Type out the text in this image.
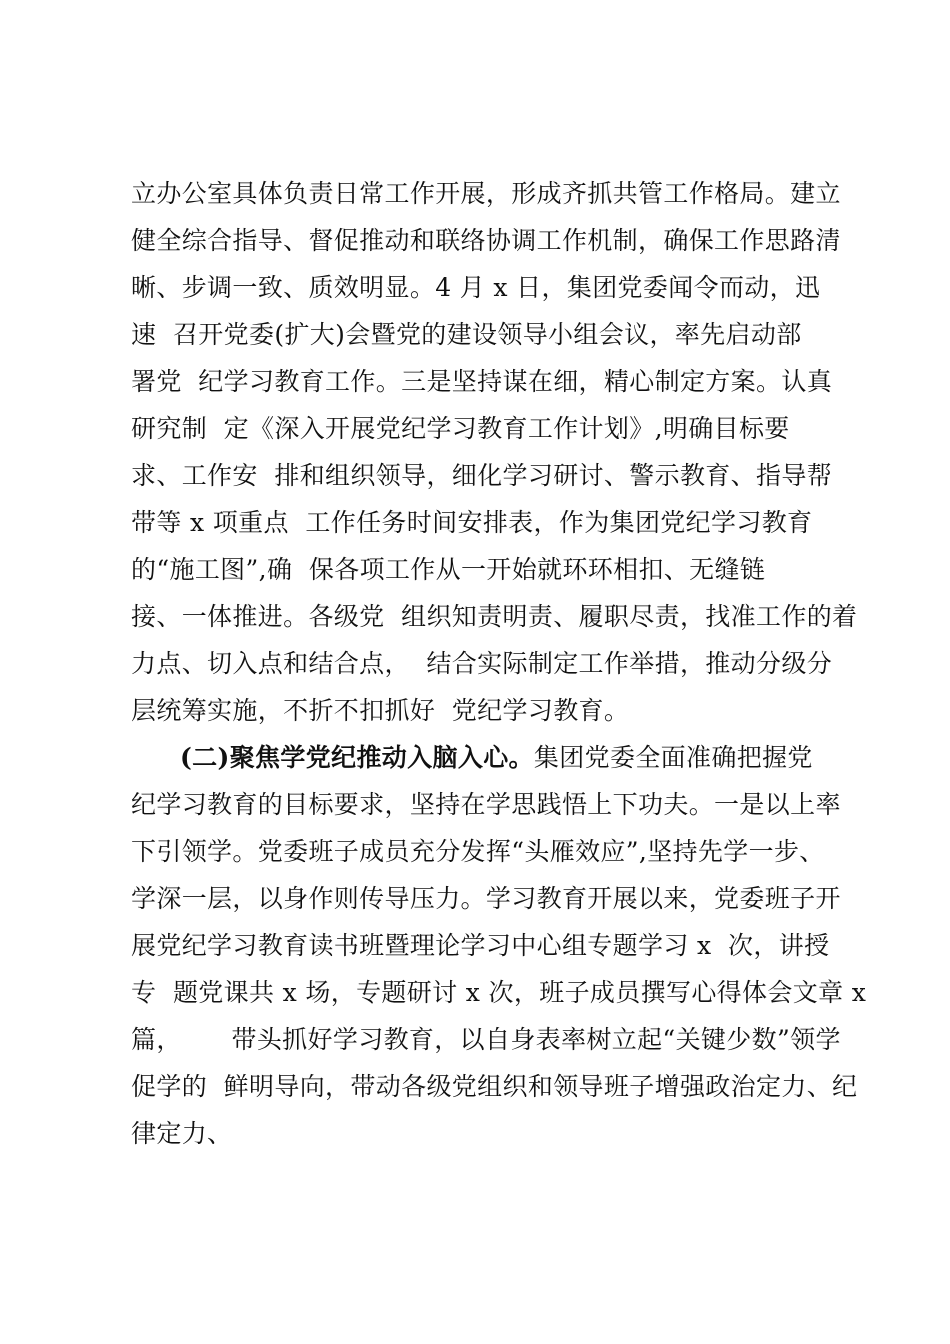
立办公室具体负责日常工作开展，形成齐抓共管工作格局。建立
健全综合指导、督促推动和联络协调工作机制，确保工作思路清
晰、步调一致、质效明显。4 月 x 日，集团党委闻令而动，迅
速  召开党委(扩大)会暨党的建设领导小组会议，率先启动部
署党  纪学习教育工作。三是坚持谋在细，精心制定方案。认真
研究制  定《深入开展党纪学习教育工作计划》,明确目标要
求、工作安  排和组织领导，细化学习研讨、警示教育、指导帮
带等 x 项重点  工作任务时间安排表，作为集团党纪学习教育
的“施工图”,确  保各项工作从一开始就环环相扣、无缝链
接、一体推进。各级党  组织知责明责、履职尽责，找准工作的着
力点、切入点和结合点，  结合实际制定工作举措，推动分级分
层统筹实施，不折不扣抓好  党纪学习教育。
(二)聚焦学党纪推动入脑入心。集团党委全面准确把握党
纪学习教育的目标要求，坚持在学思践悟上下功夫。一是以上率
下引领学。党委班子成员充分发挥“头雁效应”,坚持先学一步、
学深一层，以身作则传导压力。学习教育开展以来，党委班子开
展党纪学习教育读书班暨理论学习中心组专题学习 x  次，讲授
专  题党课共 x 场，专题研讨 x 次，班子成员撰写心得体会文章 x
篇，      带头抓好学习教育，以自身表率树立起“关键少数”领学
促学的  鲜明导向，带动各级党组织和领导班子增强政治定力、纪
律定力、
